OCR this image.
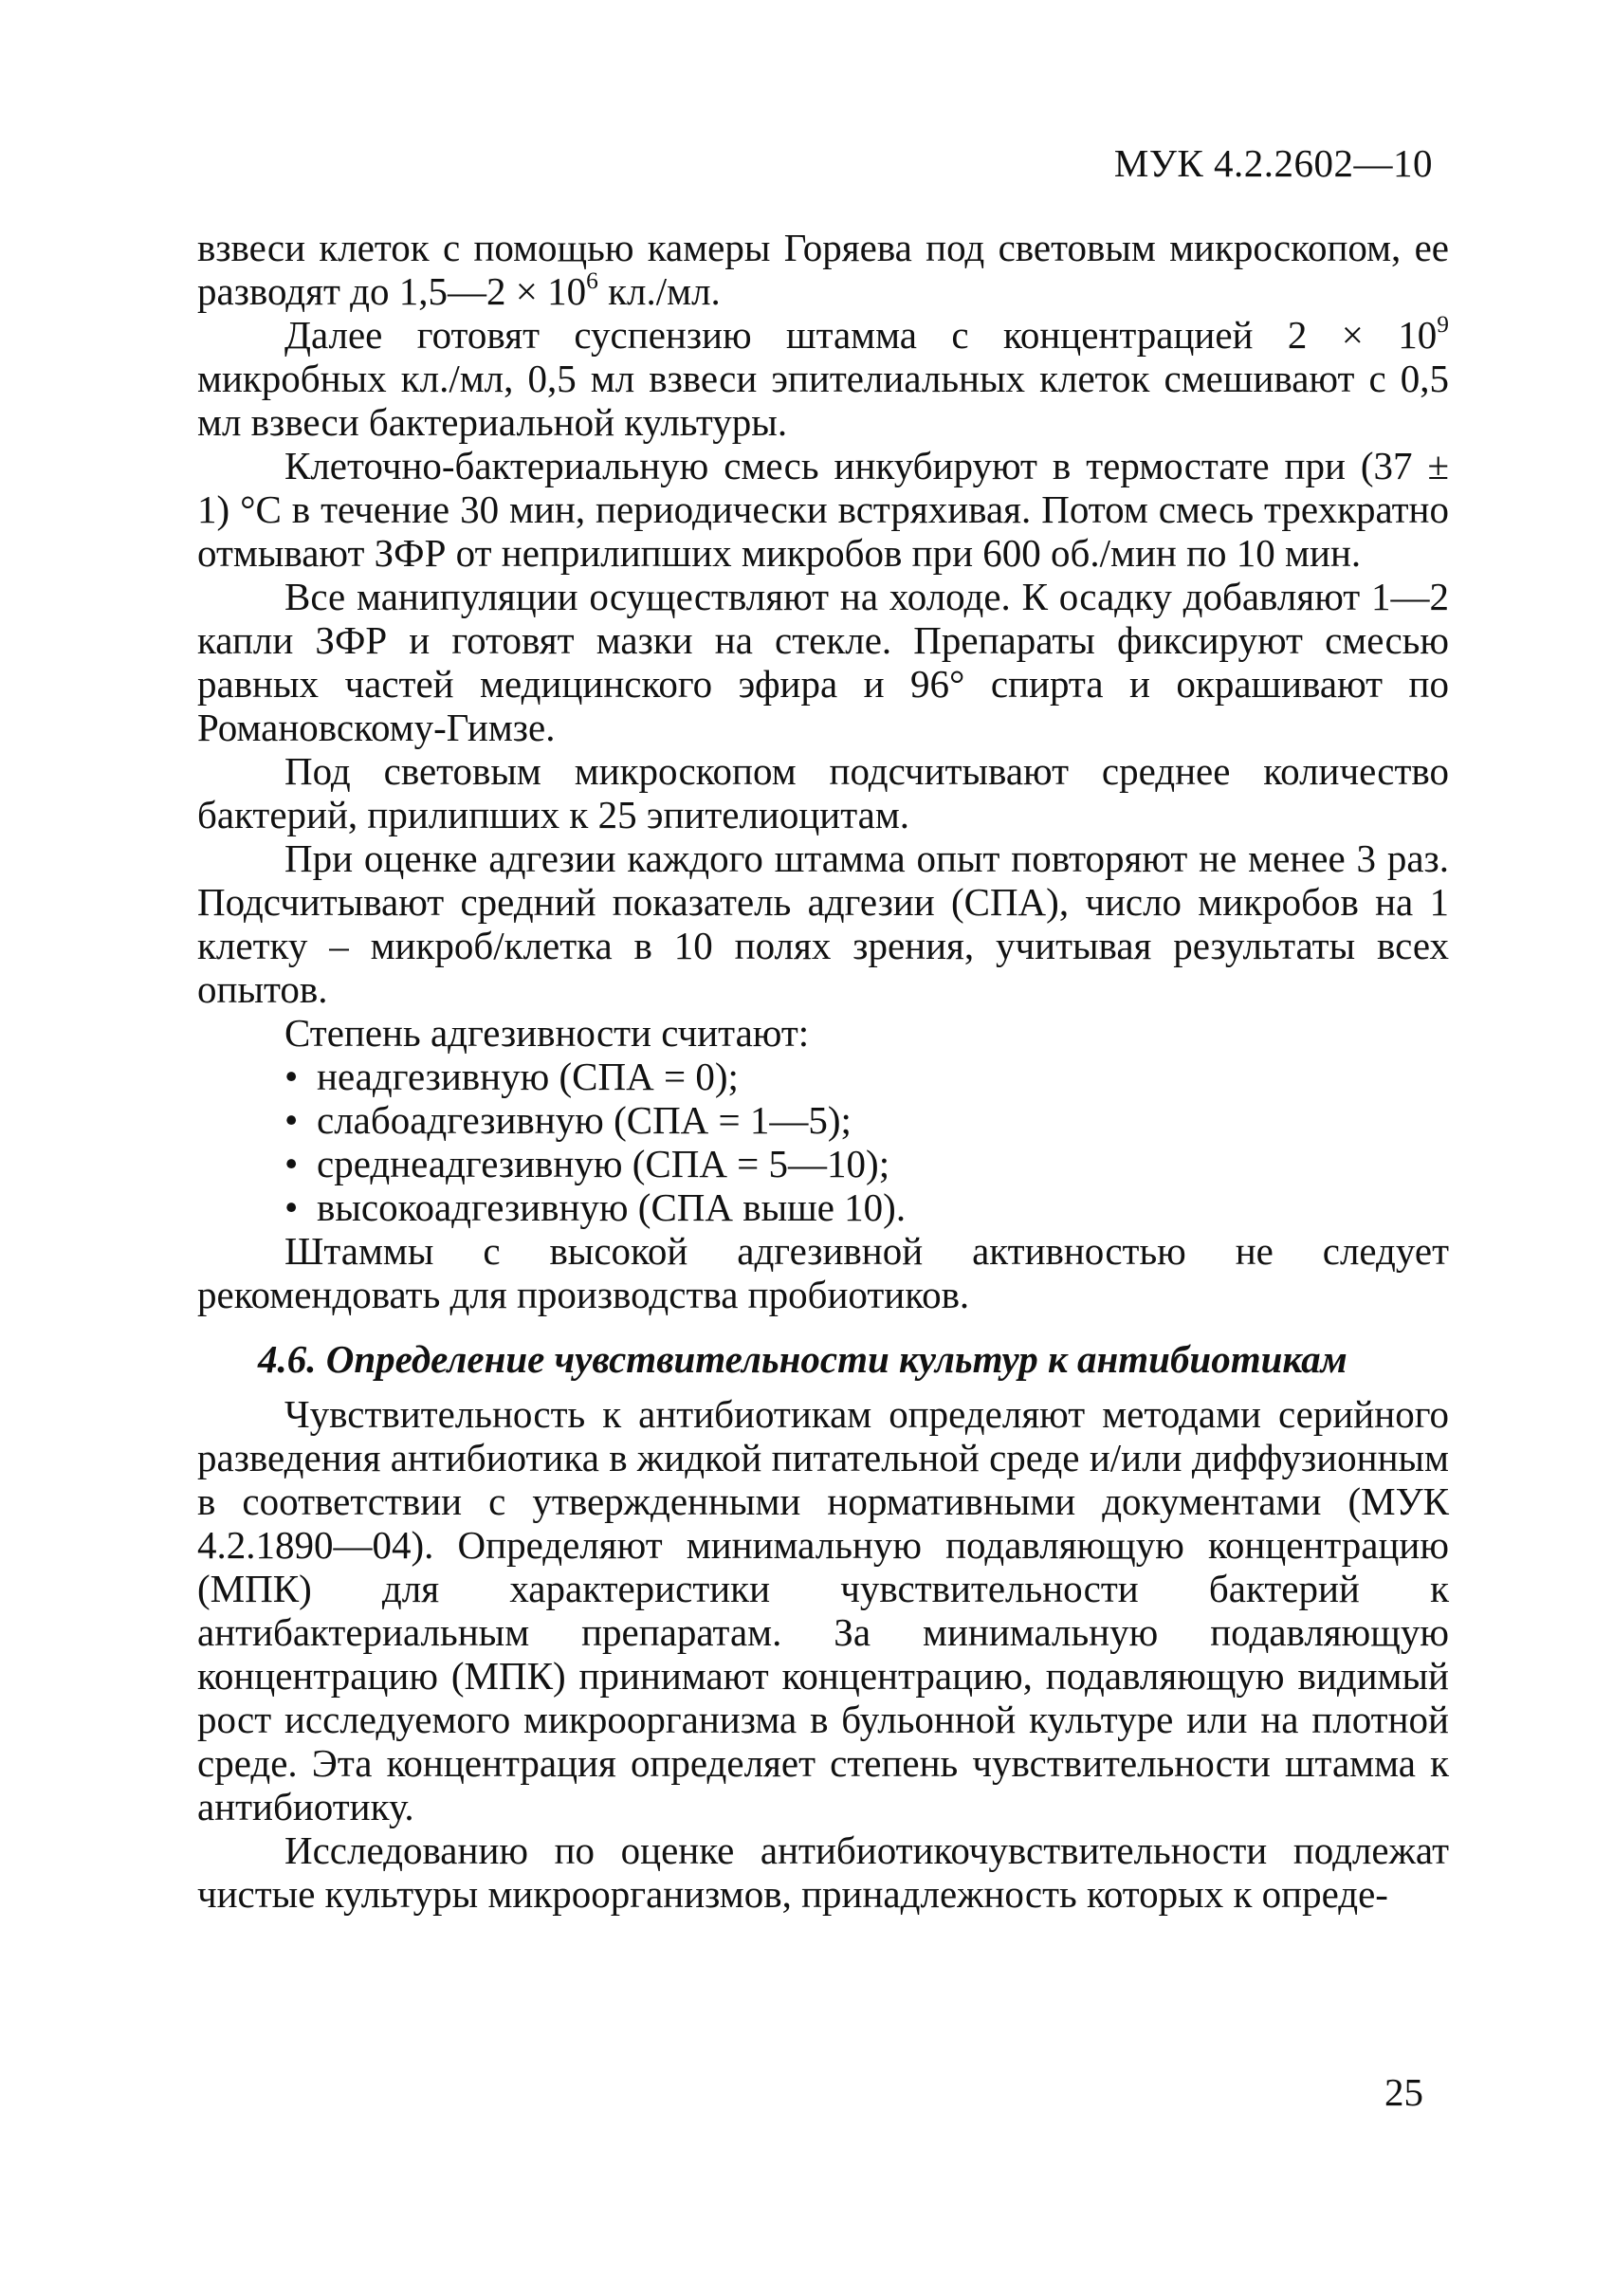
МУК 4.2.2602—10

взвеси клеток с помощью камеры Горяева под световым микроскопом, ее разводят до 1,5—2 × $10^6$ кл./мл.

Далее готовят суспензию штамма с концентрацией $2 \times 10^9$ микробных кл./мл, 0,5 мл взвеси эпителиальных клеток смешивают с 0,5 мл взвеси бактериальной культуры.

Клеточно-бактериальную смесь инкубируют в термостате при (37 ± 1) °С в течение 30 мин, периодически встряхивая. Потом смесь трехкратно отмывают ЗФР от неприлипших микробов при 600 об./мин по 10 мин.

Все манипуляции осуществляют на холоде. К осадку добавляют 1—2 капли ЗФР и готовят мазки на стекле. Препараты фиксируют смесью равных частей медицинского эфира и 96° спирта и окрашивают по Романовскому-Гимзе.

Под световым микроскопом подсчитывают среднее количество бактерий, прилипших к 25 эпителиоцитам.

При оценке адгезии каждого штамма опыт повторяют не менее 3 раз. Подсчитывают средний показатель адгезии (СПА), число микробов на 1 клетку – микроб/клетка в 10 полях зрения, учитывая результаты всех опытов.

Степень адгезивности считают:

• неадгезивную (СПА = 0);
• слабоадгезивную (СПА = 1—5);
• среднеадгезивную (СПА = 5—10);
• высокоадгезивную (СПА выше 10).

Штаммы с высокой адгезивной активностью не следует рекомендовать для производства пробиотиков.

4.6. Определение чувствительности культур к антибиотикам

Чувствительность к антибиотикам определяют методами серийного разведения антибиотика в жидкой питательной среде и/или диффузионным в соответствии с утвержденными нормативными документами (МУК 4.2.1890—04). Определяют минимальную подавляющую концентрацию (МПК) для характеристики чувствительности бактерий к антибактериальным препаратам. За минимальную подавляющую концентрацию (МПК) принимают концентрацию, подавляющую видимый рост исследуемого микроорганизма в бульонной культуре или на плотной среде. Эта концентрация определяет степень чувствительности штамма к антибиотику.

Исследованию по оценке антибиотикочувствительности подлежат чистые культуры микроорганизмов, принадлежность которых к опреде-

25
